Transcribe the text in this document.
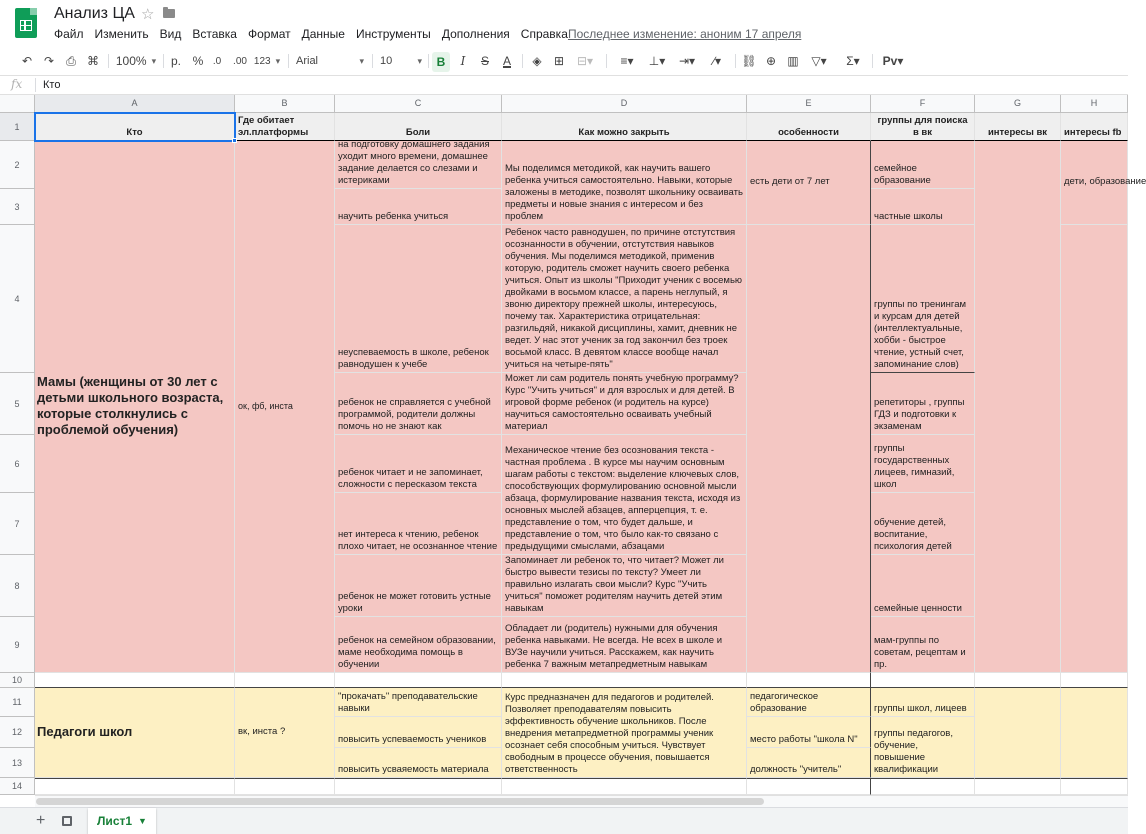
Анализ ЦА ☆
Файл Изменить Вид Вставка Формат Данные Инструменты Дополнения Справка Последнее изменение: аноним 17 апреля
↶ ↷	⎙ ⌘ 100% ▾	р. % .0	.00 123 ▾	Arial ▾	10 ▾	B	I	S	A	◈	⊞	⊟▾	≡▾	⊥▾	⇥▾	∕▾	⛓ ⊕ ▥	▽▾	Σ▾	Рv▾
fx Кто
A	B	C	D	E	F	G	H
1
2
3
4
5
6
7
8
9
10
11
12
13
14
Кто
Где обитает
эл.платформы	Боли	Как можно закрыть	особенности
группы для поиска
в вк	интересы вк интересы fb
Мамы (женщины от 30 лет с детьми школьного возраста, которые столкнулись с проблемой обучения)
ок, фб, инста
на подготовку домашнего задания уходит много времени, домашнее задание делается со слезами и истериками
научить ребенка учиться
неуспеваемость в школе, ребенок равнодушен к учебе
ребенок не справляется с учебной программой, родители должны помочь но не знают как
ребенок читает и не запоминает, сложности с пересказом текста
нет интереса к чтению, ребенок плохо читает, не осознанное чтение
ребенок не может готовить устные уроки
ребенок на семейном образовании, маме необходима помощь в обучении
Мы поделимся методикой, как научить вашего ребенка учиться самостоятельно. Навыки, которые заложены в методике, позволят школьнику осваивать предметы и новые знания с интересом и без проблем
Ребенок часто равнодушен, по причине отстутствия осознанности в обучении, отстутствия навыков обучения. Мы поделимся методикой, применив которую, родитель сможет научить своего ребенка учиться. Опыт из школы "Приходит ученик с восемью двойками в восьмом классе, а парень неглупый, я звоню директору прежней школы, интересуюсь, почему так. Характеристика отрицательная: разгильдяй, никакой дисциплины, хамит, дневник не ведет. У нас этот ученик за год закончил без троек восьмой класс. В девятом классе вообще начал учиться на четыре-пять"
Может ли сам родитель понять учебную программу? Курс "Учить учиться" и для взрослых и для детей. В игровой форме ребенок (и родитель на курсе) научиться самостоятельно осваивать учебный материал
Механическое чтение без осознования текста - частная проблема . В курсе мы научим основным шагам работы с текстом: выделение ключевых слов, способствующих формулированию основной мысли абзаца, формулирование названия текста, исходя из основных мыслей абзацев, апперцепция, т. е. представление о том, что будет дальше, и представление о том, что было как-то связано с предыдущими смыслами, абзацами
Запоминает ли ребенок то, что читает? Может ли быстро вывести тезисы по тексту? Умеет ли правильно излагать свои мысли? Курс "Учить учиться" поможет родителям научить детей этим навыкам
Обладает ли (родитель) нужными для обучения ребенка навыками. Не всегда. Не всех в школе и ВУЗе научили учиться. Расскажем, как научить ребенка 7 важным метапредметным навыкам
есть дети от 7 лет
семейное образование
частные школы
группы по тренингам и курсам для детей (интеллектуальные, хобби - быстрое чтение, устный счет, запоминание слов)
репетиторы , группы ГДЗ и подготовки к экзаменам
группы государственных лицеев, гимназий, школ
обучение детей, воспитание, психология детей
семейные ценности
мам-группы по советам, рецептам и пр.
дети, образование
Педагоги школ	вк, инста ?
"прокачать" преподавательские навыки
повысить успеваемость учеников
повысить усваяемость материала
Курс предназначен для педагогов и родителей. Позволяет преподавателям повысить эффективность обучение школьников. После внедрения метапредметной программы ученик осознает себя способным учиться. Чувствует свободным в процессе обучения, повышается ответственность
педагогическое образование
место работы "школа N"
должность "учитель"
группы школ, лицеев
группы педагогов, обучение, повышение квалификации
+	Лист1 ▼
